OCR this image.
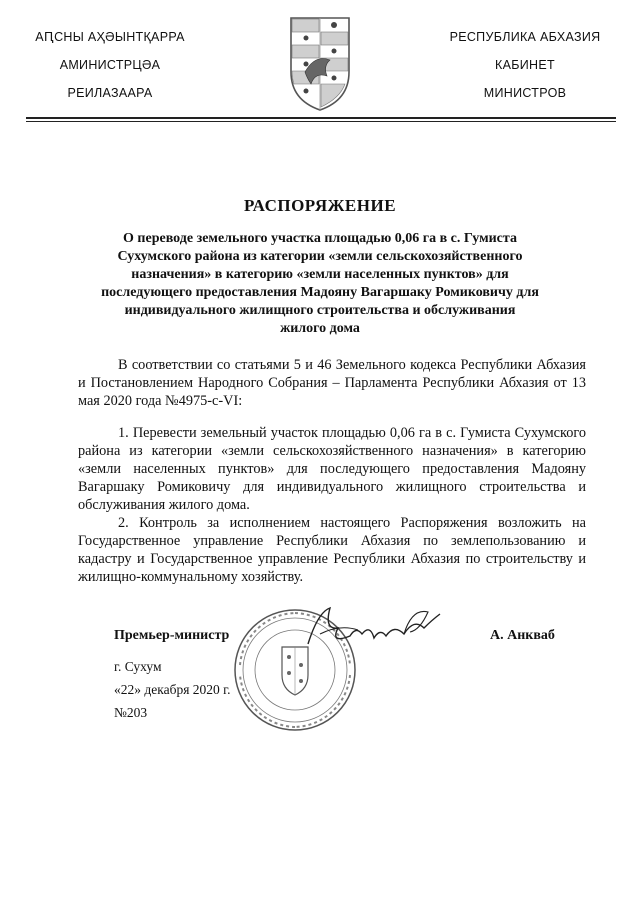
АԤСНЫ АҲӘЫНТҚАРРА
АМИНИСТРЦӘА
РЕИЛАЗААРА
РЕСПУБЛИКА АБХАЗИЯ
КАБИНЕТ
МИНИСТРОВ
РАСПОРЯЖЕНИЕ
О переводе земельного участка площадью 0,06 га в с. Гумиста Сухумского района из категории «земли сельскохозяйственного назначения» в категорию «земли населенных пунктов» для последующего предоставления Мадояну Вагаршаку Ромиковичу для индивидуального жилищного строительства и обслуживания жилого дома
В соответствии со статьями 5 и 46 Земельного кодекса Республики Абхазия и Постановлением Народного Собрания – Парламента Республики Абхазия от 13 мая 2020 года №4975-с-VI:
1. Перевести земельный участок площадью 0,06 га в с. Гумиста Сухумского района из категории «земли сельскохозяйственного назначения» в категорию «земли населенных пунктов» для последующего предоставления Мадояну Вагаршаку Ромиковичу для индивидуального жилищного строительства и обслуживания жилого дома.
2. Контроль за исполнением настоящего Распоряжения возложить на Государственное управление Республики Абхазия по землепользованию и кадастру и Государственное управление Республики Абхазия по строительству и жилищно-коммунальному хозяйству.
Премьер-министр	А. Анкваб
г. Сухум
«22» декабря 2020 г.
№203
